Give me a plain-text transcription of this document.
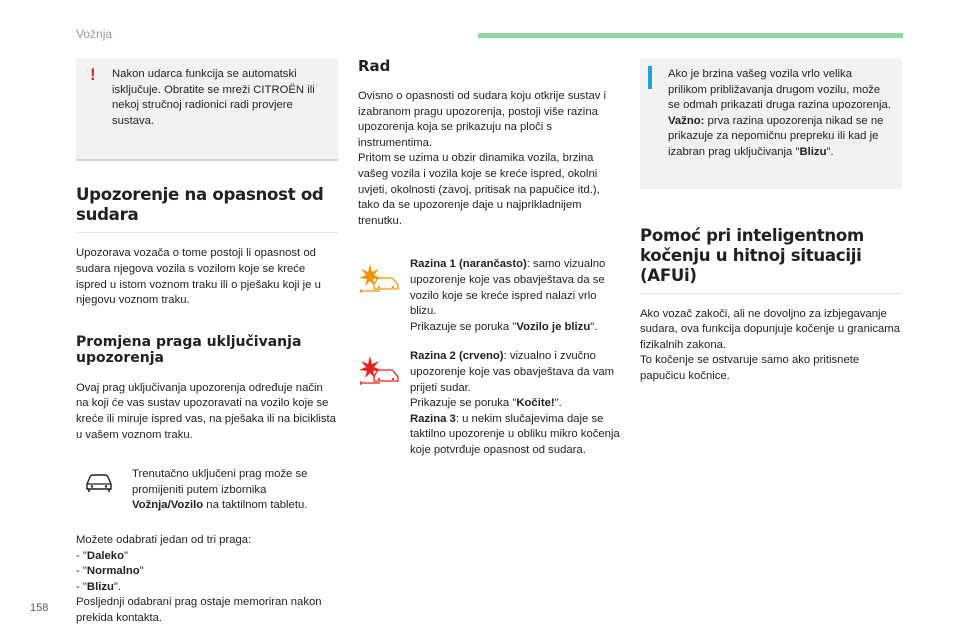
Vožnja
158
! Nakon udarca funkcija se automatski isključuje. Obratite se mreži CITROËN ili nekoj stručnoj radionici radi provjere sustava.

Upozorenje na opasnost od sudara

Upozorava vozača o tome postoji li opasnost od sudara njegova vozila s vozilom koje se kreće ispred u istom voznom traku ili o pješaku koji je u njegovu voznom traku.

Promjena praga uključivanja upozorenja

Ovaj prag uključivanja upozorenja određuje način na koji će vas sustav upozoravati na vozilo koje se kreće ili miruje ispred vas, na pješaka ili na biciklista u vašem voznom traku.

Trenutačno uključeni prag može se promijeniti putem izbornika Vožnja/Vozilo na taktilnom tabletu.

Možete odabrati jedan od tri praga:

- "Daleko"

- "Normalno"

- "Blizu".

Posljednji odabrani prag ostaje memoriran nakon prekida kontakta.

Rad

Ovisno o opasnosti od sudara koju otkrije sustav i izabranom pragu upozorenja, postoji više razina upozorenja koja se prikazuju na ploči s instrumentima.

Pritom se uzima u obzir dinamika vozila, brzina vašeg vozila i vozila koje se kreće ispred, okolni uvjeti, okolnosti (zavoj, pritisak na papučice itd.), tako da se upozorenje daje u najprikladnijem trenutku.

Razina 1 (narančasto): samo vizualno upozorenje koje vas obavještava da se vozilo koje se kreće ispred nalazi vrlo blizu.
Prikazuje se poruka "Vozilo je blizu".

Razina 2 (crveno): vizualno i zvučno upozorenje koje vas obavještava da vam prijeti sudar.
Prikazuje se poruka "Kočite!".
Razina 3: u nekim slučajevima daje se taktilno upozorenje u obliku mikro kočenja koje potvrđuje opasnost od sudara.

Ako je brzina vašeg vozila vrlo velika prilikom približavanja drugom vozilu, može se odmah prikazati druga razina upozorenja.

Važno: prva razina upozorenja nikad se ne prikazuje za nepomičnu prepreku ili kad je izabran prag uključivanja "Blizu".

Pomoć pri inteligentnom kočenju u hitnoj situaciji (AFUi)

Ako vozač zakoči, ali ne dovoljno za izbjegavanje sudara, ova funkcija dopunjuje kočenje u granicama fizikalnih zakona.

To kočenje se ostvaruje samo ako pritisnete papučicu kočnice.
